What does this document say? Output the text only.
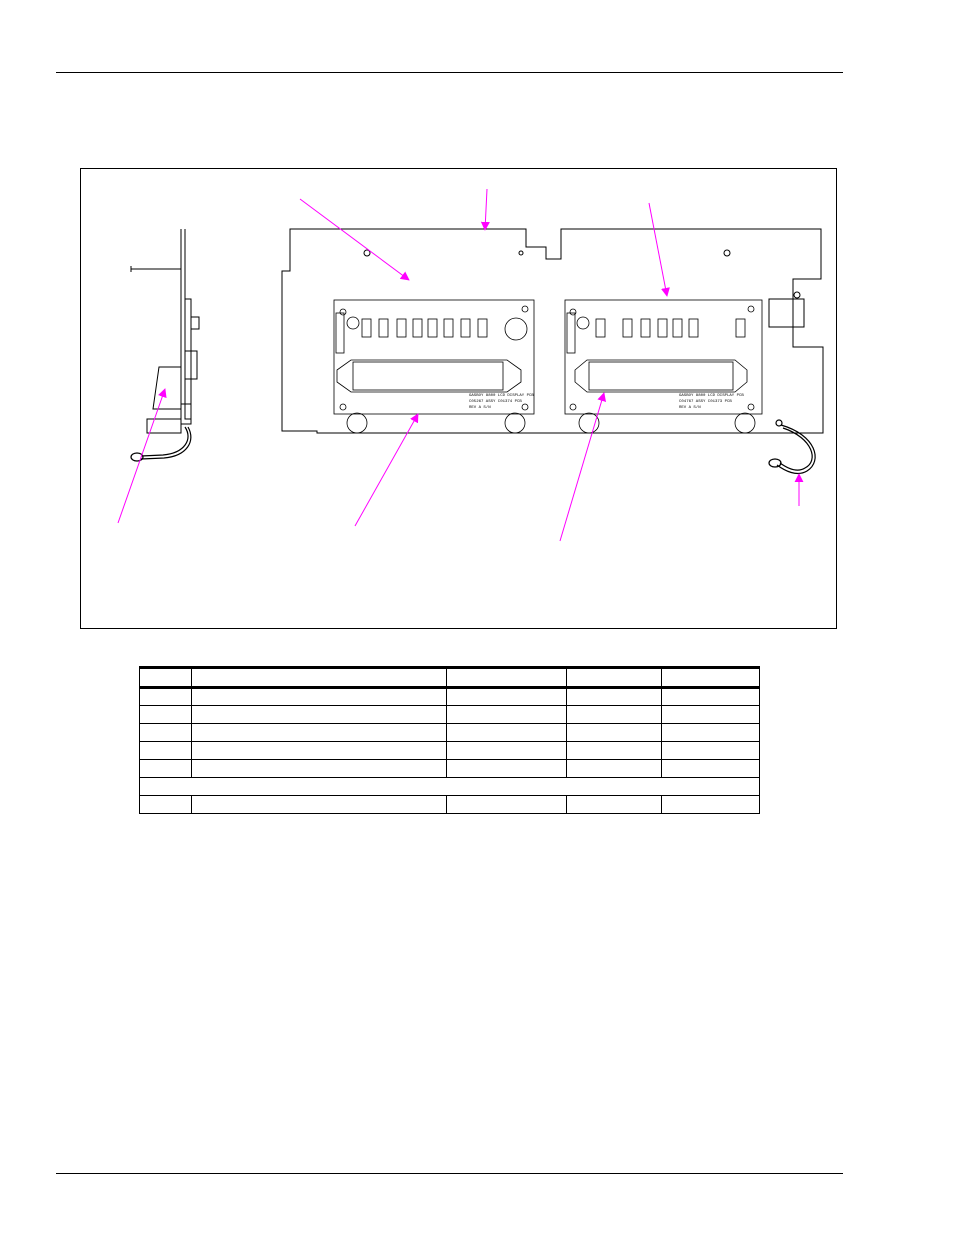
GASBOY 8800 LCD DISPLAY PCB
C05267 ASSY C01374 PCB
REV A S/N
GASBOY 8800 LCD DISPLAY PCB
C04767 ASSY C01373 PCB
REV A S/N
